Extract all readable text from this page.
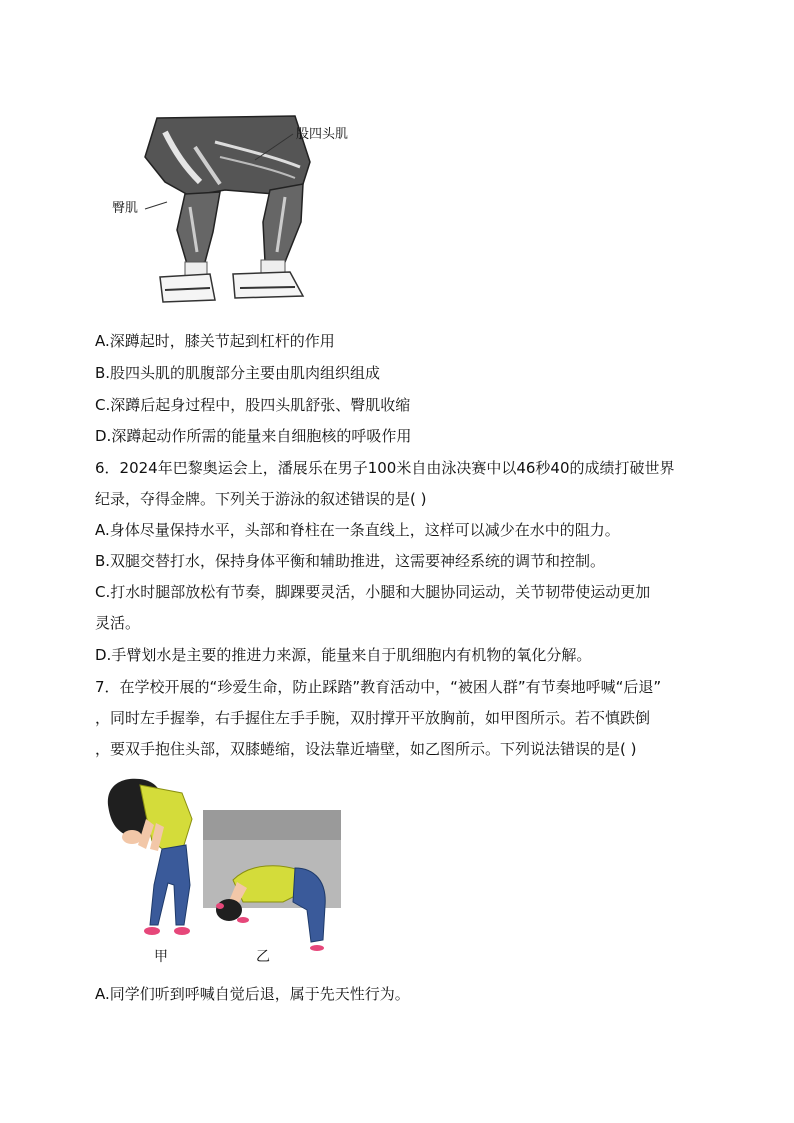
股四头肌
臀肌
A.深蹲起时，膝关节起到杠杆的作用
B.股四头肌的肌腹部分主要由肌肉组织组成
C.深蹲后起身过程中，股四头肌舒张、臀肌收缩
D.深蹲起动作所需的能量来自细胞核的呼吸作用
6．2024年巴黎奥运会上，潘展乐在男子100米自由泳决赛中以46秒40的成绩打破世界
纪录，夺得金牌。下列关于游泳的叙述错误的是( )
A.身体尽量保持水平，头部和脊柱在一条直线上，这样可以减少在水中的阻力。
B.双腿交替打水，保持身体平衡和辅助推进，这需要神经系统的调节和控制。
C.打水时腿部放松有节奏，脚踝要灵活，小腿和大腿协同运动，关节韧带使运动更加
灵活。
D.手臂划水是主要的推进力来源，能量来自于肌细胞内有机物的氧化分解。
7．在学校开展的“珍爱生命，防止踩踏”教育活动中，“被困人群”有节奏地呼喊“后退”
，同时左手握拳，右手握住左手手腕，双肘撑开平放胸前，如甲图所示。若不慎跌倒
，要双手抱住头部，双膝蜷缩，设法靠近墙壁，如乙图所示。下列说法错误的是( )
甲	乙
A.同学们听到呼喊自觉后退，属于先天性行为。
